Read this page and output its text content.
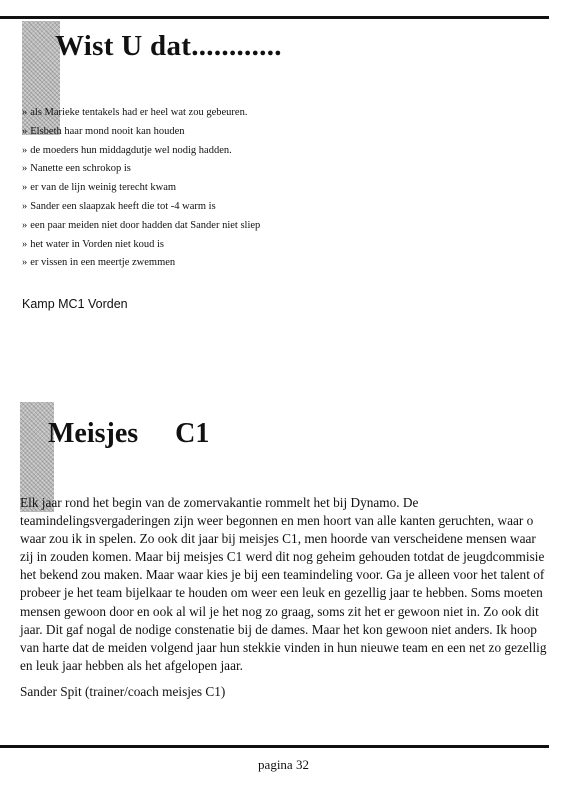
Wist U dat............
» als Marieke tentakels had er heel wat zou gebeuren.
» Elsbeth haar mond nooit kan houden
» de moeders hun middagdutje wel nodig hadden.
» Nanette een schrokop is
» er van de lijn weinig terecht kwam
» Sander een slaapzak heeft die tot -4 warm is
» een paar meiden niet door hadden dat Sander niet sliep
» het water in Vorden niet koud is
» er vissen in een meertje zwemmen

Kamp MC1 Vorden

Meisjes C1

Elk jaar rond het begin van de zomervakantie rommelt het bij Dynamo. De teamindelingsvergaderingen zijn weer begonnen en men hoort van alle kanten geruchten, waar o waar zou ik in spelen. Zo ook dit jaar bij meisjes C1, men hoorde van verscheidene mensen waar zij in zouden komen. Maar bij meisjes C1 werd dit nog geheim gehouden totdat de jeugdcommisie het bekend zou maken. Maar waar kies je bij een teamindeling voor. Ga je alleen voor het talent of probeer je het team bijelkaar te houden om weer een leuk en gezellig jaar te hebben. Soms moeten mensen gewoon door en ook al wil je het nog zo graag, soms zit het er gewoon niet in. Zo ook dit jaar. Dit gaf nogal de nodige constenatie bij de dames. Maar het kon gewoon niet anders. Ik hoop van harte dat de meiden volgend jaar hun stekkie vinden in hun nieuwe team en een net zo gezellig en leuk jaar hebben als het afgelopen jaar.

Sander Spit (trainer/coach meisjes C1)

pagina 32
